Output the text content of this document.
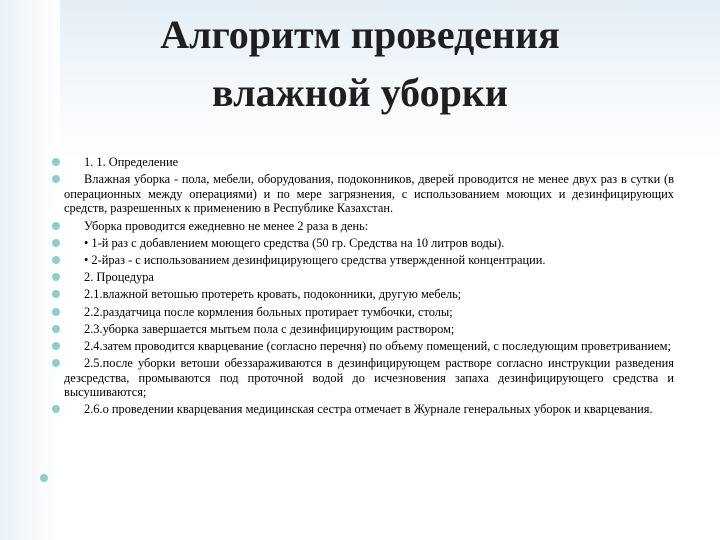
Алгоритм проведения
влажной уборки
1. 1. Определение
Влажная уборка - пола, мебели, оборудования, подоконников, дверей проводится не менее двух раз в сутки (в операционных между операциями) и по мере загрязнения, с использованием моющих и дезинфицирующих средств, разрешенных к применению в Республике Казахстан.
Уборка проводится ежедневно не менее 2 раза в день:
• 1-й раз с добавлением моющего средства (50 гр. Средства на 10 литров воды).
• 2-йраз - с использованием дезинфицирующего средства утвержденной концентрации.
2. Процедура
2.1.влажной ветошью протереть кровать, подоконники, другую мебель;
2.2.раздатчица после кормления больных протирает тумбочки, столы;
2.3.уборка завершается мытьем пола с дезинфицирующим раствором;
2.4.затем проводится кварцевание (согласно перечня) по объему помещений, с последующим проветриванием;
2.5.после уборки ветоши обеззараживаются в дезинфицирующем растворе согласно инструкции разведения дезсредства, промываются под проточной водой до исчезновения запаха дезинфицирующего средства и высушиваются;
2.6.о проведении кварцевания медицинская сестра отмечает в Журнале генеральных уборок и кварцевания.
